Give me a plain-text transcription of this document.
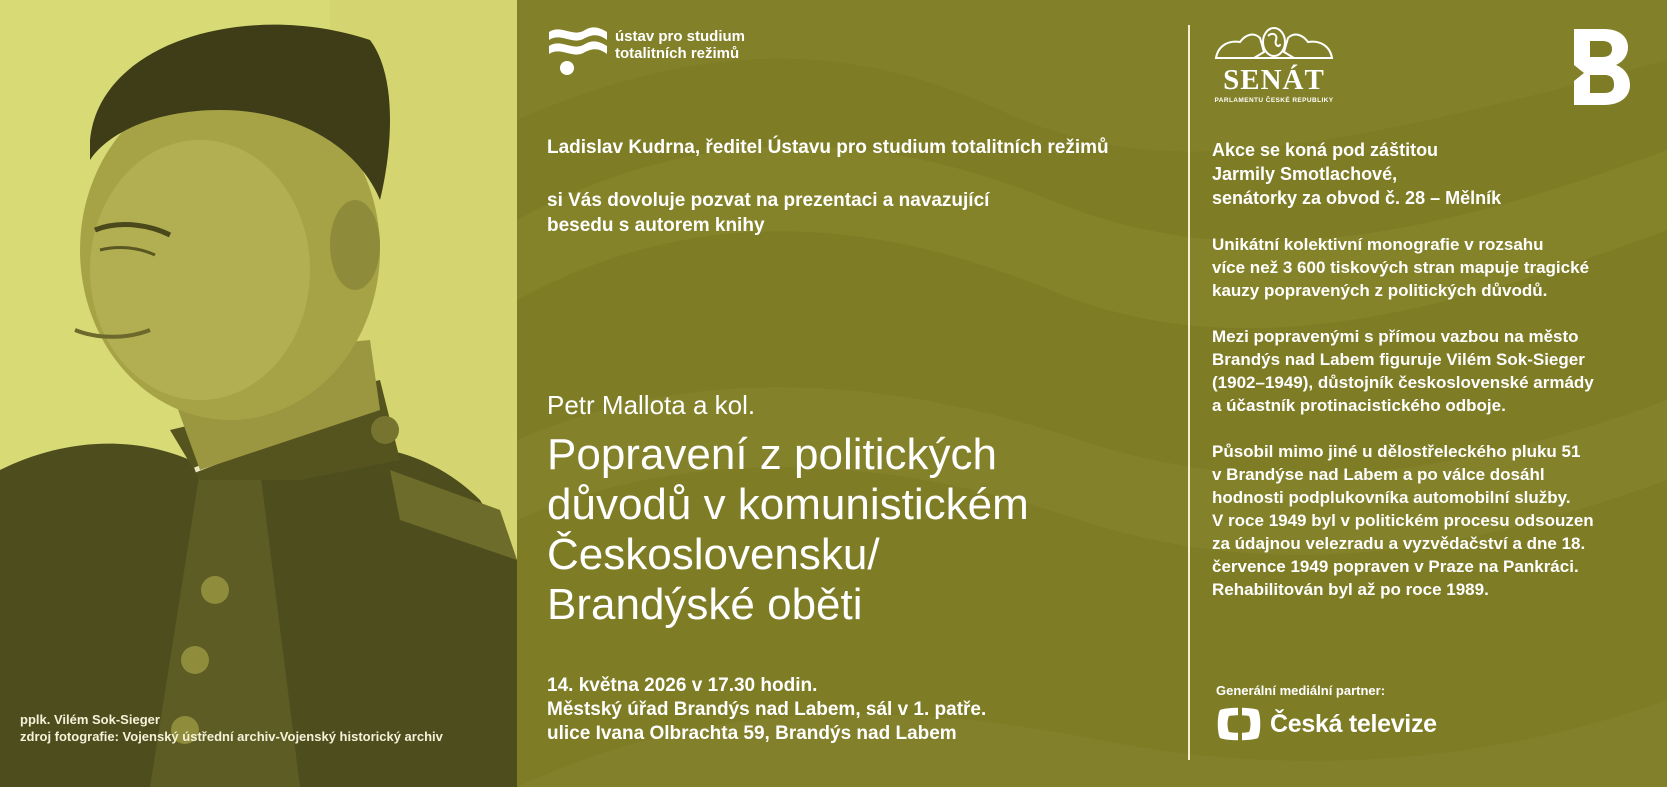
pplk. Vilém Sok-Sieger
zdroj fotografie: Vojenský ústřední archiv-Vojenský historický archiv
ústav pro studium
totalitních režimů
SENÁT
PARLAMENTU ČESKÉ REPUBLIKY
Ladislav Kudrna, ředitel Ústavu pro studium totalitních režimů
si Vás dovoluje pozvat na prezentaci a navazující
besedu s autorem knihy
Petr Mallota a kol.
Popravení z politických
důvodů v komunistickém
Československu/
Brandýské oběti
14. května 2026 v 17.30 hodin.
Městský úřad Brandýs nad Labem, sál v 1. patře.
ulice Ivana Olbrachta 59, Brandýs nad Labem
Akce se koná pod záštitou
Jarmily Smotlachové,
senátorky za obvod č. 28 – Mělník
Unikátní kolektivní monografie v rozsahu
více než 3 600 tiskových stran mapuje tragické
kauzy popravených z politických důvodů.
Mezi popravenými s přímou vazbou na město
Brandýs nad Labem figuruje Vilém Sok-Sieger
(1902–1949), důstojník československé armády
a účastník protinacistického odboje.
Působil mimo jiné u dělostřeleckého pluku 51
v Brandýse nad Labem a po válce dosáhl
hodnosti podplukovníka automobilní služby.
V roce 1949 byl v politickém procesu odsouzen
za údajnou velezradu a vyzvědačství a dne 18.
července 1949 popraven v Praze na Pankráci.
Rehabilitován byl až po roce 1989.
Generální mediální partner:
Česká televize
